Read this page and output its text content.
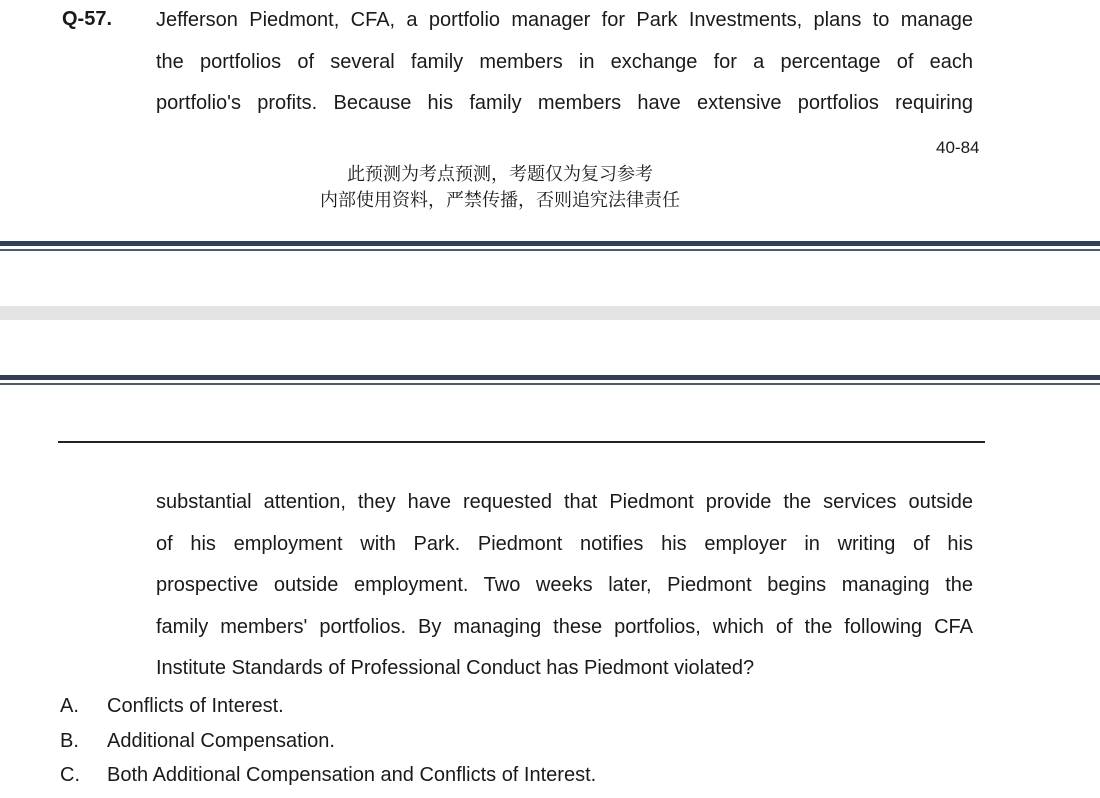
Q-57. Jefferson Piedmont, CFA, a portfolio manager for Park Investments, plans to manage
the portfolios of several family members in exchange for a percentage of each
portfolio's profits. Because his family members have extensive portfolios requiring
40-84
此预测为考点预测，考题仅为复习参考
内部使用资料，严禁传播，否则追究法律责任
substantial attention, they have requested that Piedmont provide the services outside
of his employment with Park. Piedmont notifies his employer in writing of his
prospective outside employment. Two weeks later, Piedmont begins managing the
family members' portfolios. By managing these portfolios, which of the following CFA
Institute Standards of Professional Conduct has Piedmont violated?
A. Conflicts of Interest.
B. Additional Compensation.
C. Both Additional Compensation and Conflicts of Interest.
